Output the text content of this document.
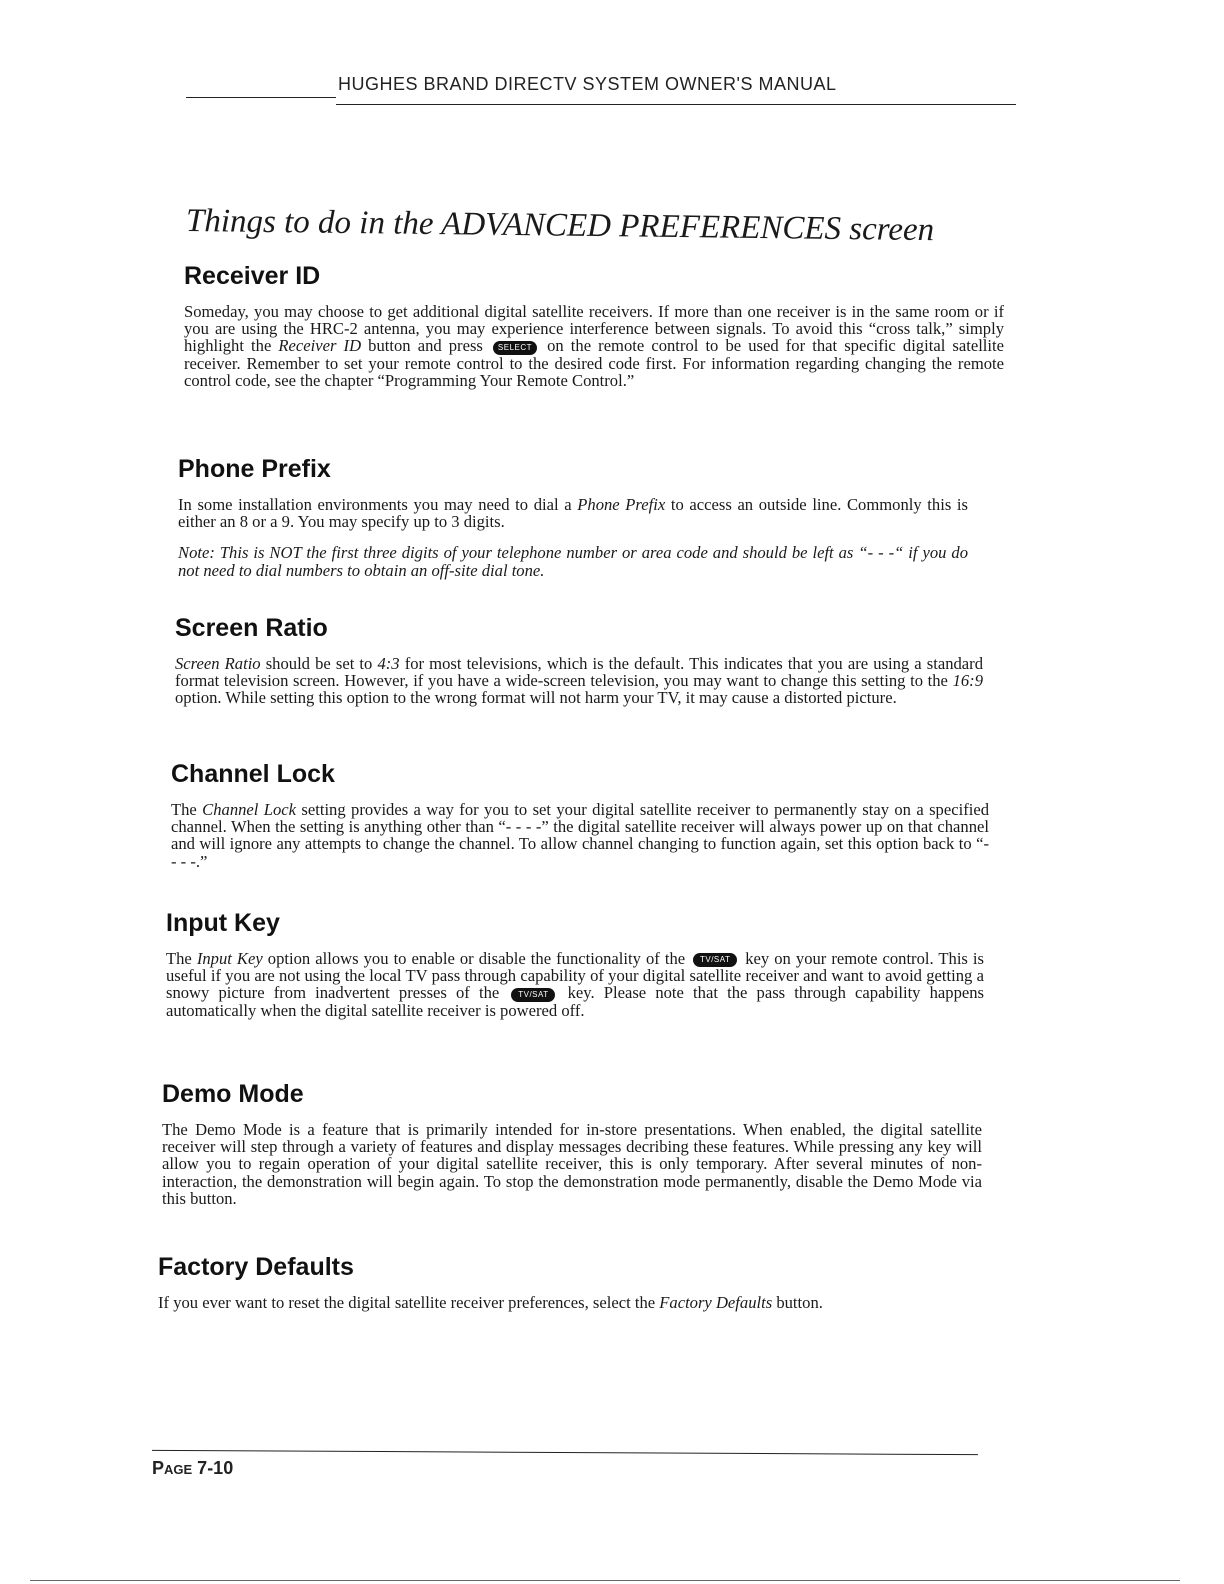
HUGHES BRAND DIRECTV SYSTEM OWNER'S MANUAL
Things to do in the ADVANCED PREFERENCES screen
Receiver ID

Someday, you may choose to get additional digital satellite receivers. If more than one receiver is in the same room or if you are using the HRC-2 antenna, you may experience interference between signals. To avoid this “cross talk,” simply highlight the Receiver ID button and press SELECT on the remote control to be used for that specific digital satellite receiver. Remember to set your remote control to the desired code first. For information regarding changing the remote control code, see the chapter “Programming Your Remote Control.”

Phone Prefix

In some installation environments you may need to dial a Phone Prefix to access an outside line. Commonly this is either an 8 or a 9. You may specify up to 3 digits.

Note: This is NOT the first three digits of your telephone number or area code and should be left as “- - -“ if you do not need to dial numbers to obtain an off-site dial tone.

Screen Ratio

Screen Ratio should be set to 4:3 for most televisions, which is the default. This indicates that you are using a standard format television screen. However, if you have a wide-screen television, you may want to change this setting to the 16:9 option. While setting this option to the wrong format will not harm your TV, it may cause a distorted picture.

Channel Lock

The Channel Lock setting provides a way for you to set your digital satellite receiver to permanently stay on a specified channel. When the setting is anything other than “- - - -” the digital satellite receiver will always power up on that channel and will ignore any attempts to change the channel. To allow channel changing to function again, set this option back to “- - - -.”

Input Key

The Input Key option allows you to enable or disable the functionality of the TV/SAT key on your remote control. This is useful if you are not using the local TV pass through capability of your digital satellite receiver and want to avoid getting a snowy picture from inadvertent presses of the TV/SAT key. Please note that the pass through capability happens automatically when the digital satellite receiver is powered off.

Demo Mode

The Demo Mode is a feature that is primarily intended for in-store presentations. When enabled, the digital satellite receiver will step through a variety of features and display messages decribing these features. While pressing any key will allow you to regain operation of your digital satellite receiver, this is only temporary. After several minutes of non-interaction, the demonstration will begin again. To stop the demonstration mode permanently, disable the Demo Mode via this button.

Factory Defaults

If you ever want to reset the digital satellite receiver preferences, select the Factory Defaults button.

Page 7-10
